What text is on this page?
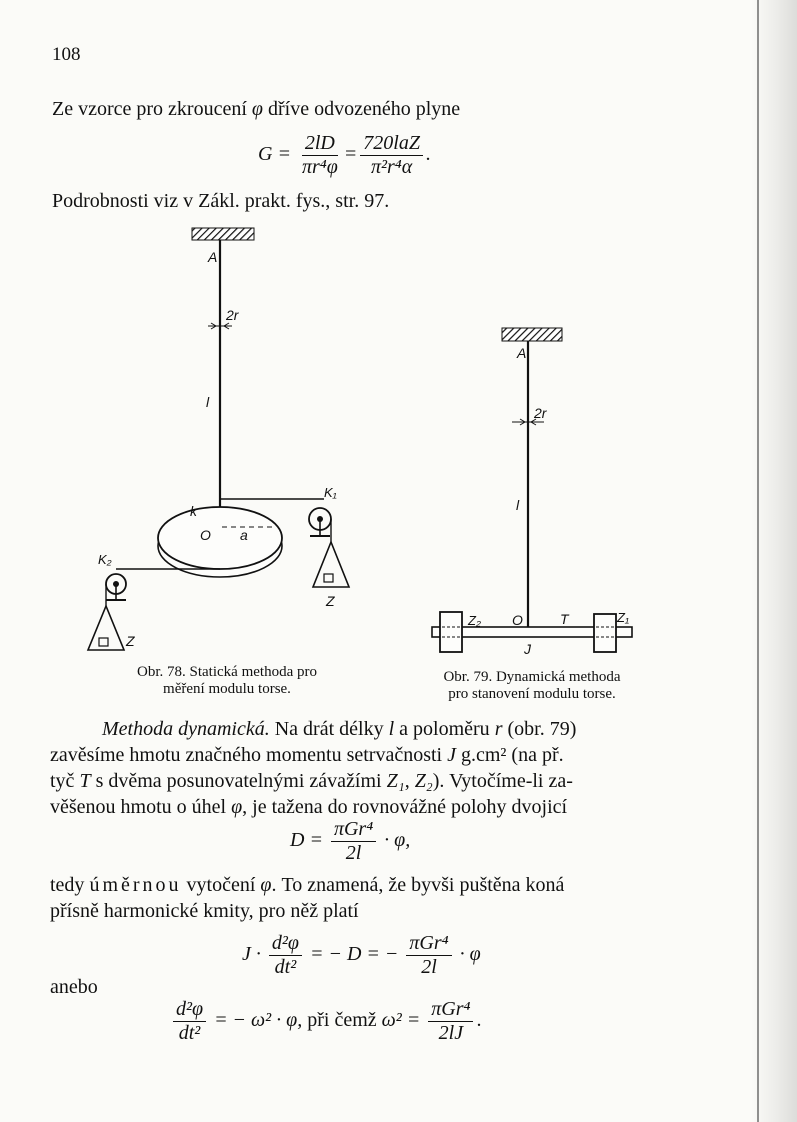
108
Ze vzorce pro zkroucení φ dříve odvozeného plyne
$G = \frac{2lD}{\text{πr⁴φ}} = \frac{\text{720laZ}}{\text{π²r⁴α}}$ .
Podrobnosti viz v Zákl. prakt. fys., str. 97.
A
2r
l
k
O a
K₁
Z
K₂
Z
Obr. 78. Statická methoda pro
měření modulu torse.
A
2r
l
Z₂ O	T	Z₁
J
Obr. 79. Dynamická methoda
pro stanovení modulu torse.
Methoda dynamická. Na drát délky l a poloměru r (obr. 79)
zavěsíme hmotu značného momentu setrvačnosti J g.cm² (na př.
tyč T s dvěma posunovatelnými závažími Z₁, Z₂). Vytočíme-li za-
věšenou hmotu o úhel φ, je tažena do rovnovážné polohy dvojicí
$D = \frac{\text{πGr⁴}}{2l} \cdot \varphi$,
tedy úměrnou vytočení φ. To znamená, že byvši puštěna koná
přísně harmonické kmity, pro něž platí
$J \cdot \frac{\text{d²φ}}{\text{dt²}}$ = − D = − $\frac{\text{πGr⁴}}{2l} \cdot \varphi$
anebo
$\frac{\text{d²φ}}{\text{dt²}}$ = − ω² · φ, při čemž $\omega^2 = \frac{\text{πGr⁴}}{2lJ}$ .
